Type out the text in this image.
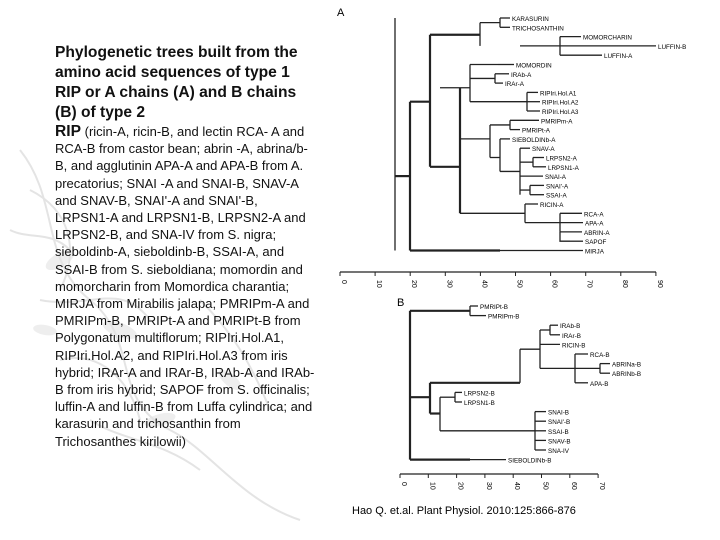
Phylogenetic trees built from the amino acid sequences of type 1 RIP or A chains (A) and B chains (B) of type 2
RIP (ricin-A, ricin-B, and lectin RCA- A and RCA-B from castor bean; abrin -A, abrina/b-B, and agglutinin APA-A and APA-B from A. precatorius; SNAI -A and SNAI-B, SNAV-A and SNAV-B, SNAI'-A and SNAI'-B, LRPSN1-A and LRPSN1-B, LRPSN2-A and LRPSN2-B, and SNA-IV from S. nigra; sieboldinb-A, sieboldinb-B, SSAI-A, and SSAI-B from S. sieboldiana; momordin and momorcharin from Momordica charantia; MIRJA from Mirabilis jalapa; PMRIPm-A and PMRIPm-B, PMRIPt-A and PMRIPt-B from Polygonatum multiflorum; RIPIri.Hol.A1, RIPIri.Hol.A2, and RIPIri.Hol.A3 from iris hybrid; IRAr-A and IRAr-B, IRAb-A and IRAb-B from iris hybrid; SAPOF from S. officinalis; luffin-A and luffin-B from Luffa cylindrica; and karasurin and trichosanthin from Trichosanthes kirilowii)
A
KARASURIN
TRICHOSANTHIN
MOMORCHARIN
LUFFIN-B
LUFFIN-A
MOMORDIN
IRAb-A
IRAr-A
RIPIri.Hol.A1
RIPIri.Hol.A2
RIPIri.Hol.A3
PMRIPm-A
PMRIPt-A
SIEBOLDINb-A
SNAV-A
LRPSN2-A
LRPSN1-A
SNAI-A
SNAI'-A
SSAI-A
RICIN-A
RCA-A
APA-A
ABRIN-A
SAPOF
MIRJA
0	10	20	30	40	50	60	70	80	90
B	PMRIPt-B
PMRIPm-B
IRAb-B
IRAr-B
RICIN-B
RCA-B
ABRINa-B
ABRINb-B
APA-B
LRPSN2-B
LRPSN1-B
SNAI-B
SNAI'-B
SSAI-B
SNAV-B
SNA-IV
SIEBOLDINb-B
0	10	20	30	40	50	60	70
Hao Q. et.al. Plant Physiol. 2010:125:866-876
